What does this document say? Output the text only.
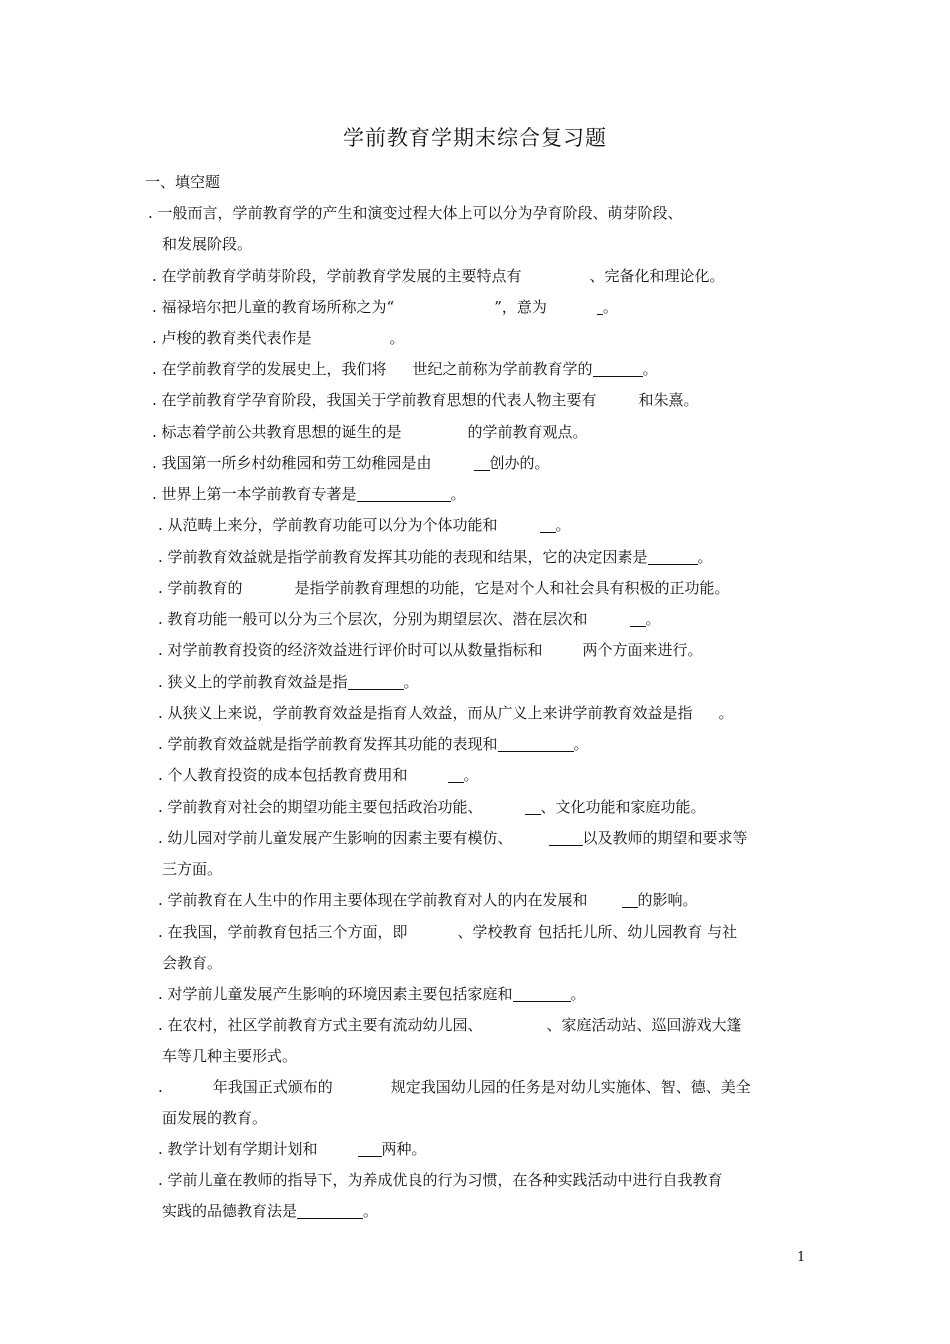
学前教育学期末综合复习题
一、填空题
. 一般而言，学前教育学的产生和演变过程大体上可以分为孕育阶段、萌芽阶段、
和发展阶段。
. 在学前教育学萌芽阶段，学前教育学发展的主要特点有	、完备化和理论化。
. 福禄培尔把儿童的教育场所称之为“	”，意为	。
. 卢梭的教育类代表作是	。
. 在学前教育学的发展史上，我们将 世纪之前称为学前教育学的	。
. 在学前教育学孕育阶段，我国关于学前教育思想的代表人物主要有	和朱熹。
. 标志着学前公共教育思想的诞生的是	的学前教育观点。
. 我国第一所乡村幼稚园和劳工幼稚园是由	创办的。
. 世界上第一本学前教育专著是	。
. 从范畴上来分，学前教育功能可以分为个体功能和	。
. 学前教育效益就是指学前教育发挥其功能的表现和结果，它的决定因素是	。
. 学前教育的	是指学前教育理想的功能，它是对个人和社会具有积极的正功能。
. 教育功能一般可以分为三个层次，分别为期望层次、潜在层次和	。
. 对学前教育投资的经济效益进行评价时可以从数量指标和	两个方面来进行。
. 狭义上的学前教育效益是指	。
. 从狭义上来说，学前教育效益是指育人效益，而从广义上来讲学前教育效益是指 。
. 学前教育效益就是指学前教育发挥其功能的表现和	。
. 个人教育投资的成本包括教育费用和	。
. 学前教育对社会的期望功能主要包括政治功能、	、文化功能和家庭功能。
. 幼儿园对学前儿童发展产生影响的因素主要有模仿、	以及教师的期望和要求等
三方面。
. 学前教育在人生中的作用主要体现在学前教育对人的内在发展和	的影响。
. 在我国，学前教育包括三个方面，即	、学校教育 包括托儿所、幼儿园教育 与社
会教育。
. 对学前儿童发展产生影响的环境因素主要包括家庭和	。
. 在农村，社区学前教育方式主要有流动幼儿园、	、家庭活动站、巡回游戏大篷
车等几种主要形式。
.	年我国正式颁布的	规定我国幼儿园的任务是对幼儿实施体、智、德、美全
面发展的教育。
. 教学计划有学期计划和	两种。
. 学前儿童在教师的指导下，为养成优良的行为习惯，在各种实践活动中进行自我教育
实践的品德教育法是	。
1
